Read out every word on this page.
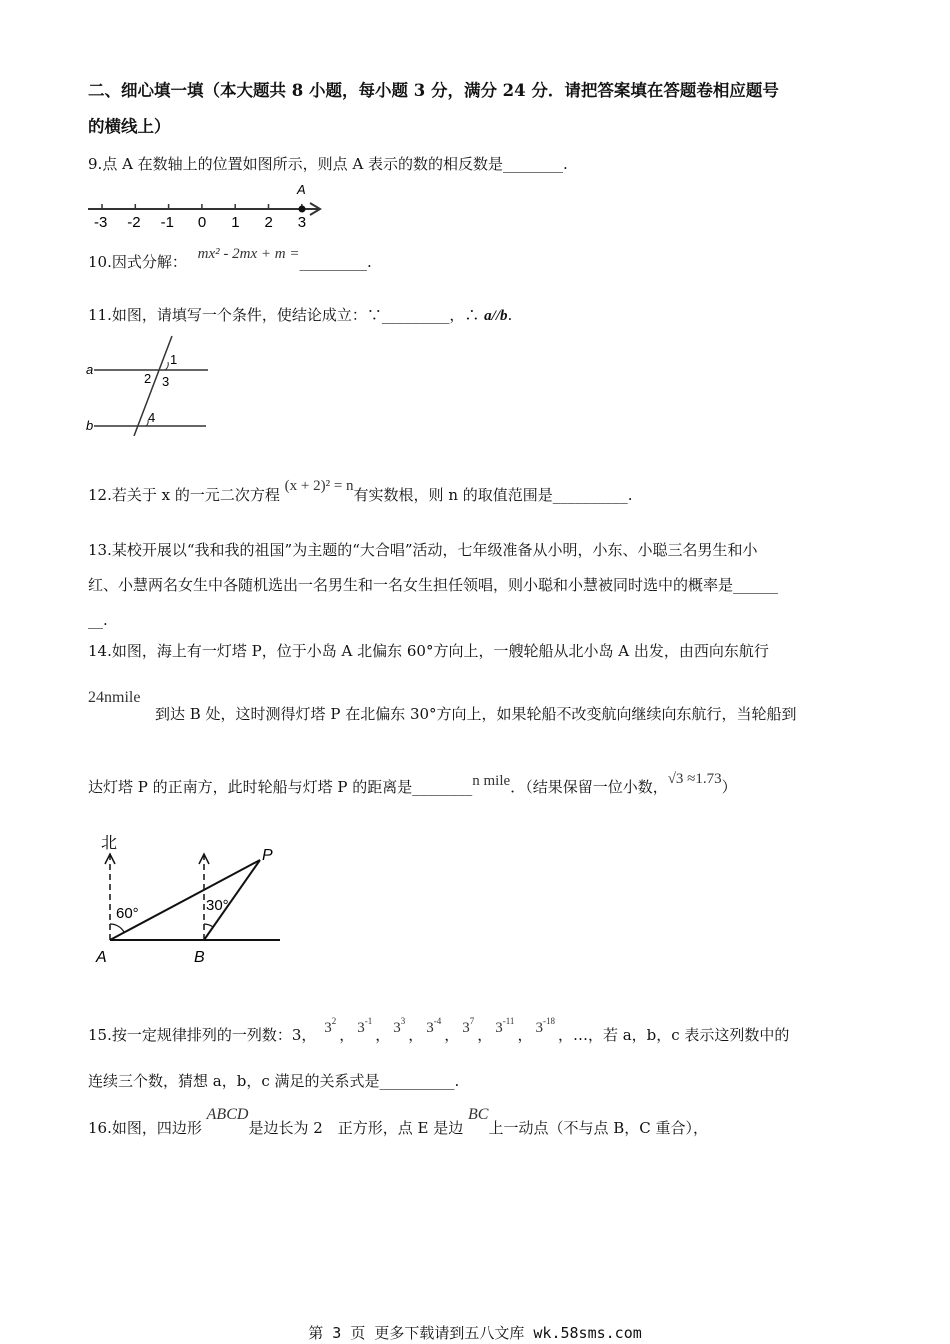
二、细心填一填（本大题共 8 小题，每小题 3 分，满分 24 分．请把答案填在答题卷相应题号
的横线上）
9.点 A 在数轴上的位置如图所示，则点 A 表示的数的相反数是________.
-3 -2 -1 0 1 2 3
A
10.因式分解： mx² - 2mx + m =_________.
11.如图，请填写一个条件，使结论成立：∵_________，∴ a//b.
a
b
1
2 3
4
12.若关于 x 的一元二次方程 (x + 2)² = n有实数根，则 n 的取值范围是__________.
13.某校开展以“我和我的祖国”为主题的“大合唱”活动，七年级准备从小明，小东、小聪三名男生和小
红、小慧两名女生中各随机选出一名男生和一名女生担任领唱，则小聪和小慧被同时选中的概率是______
__.
14.如图，海上有一灯塔 P，位于小岛 A 北偏东 60°方向上，一艘轮船从北小岛 A 出发，由西向东航行
24nmile
到达 B 处，这时测得灯塔 P 在北偏东 30°方向上，如果轮船不改变航向继续向东航行，当轮船到
达灯塔 P 的正南方，此时轮船与灯塔 P 的距离是________n mile．（结果保留一位小数，√3 ≈1.73）
北
60°	30°
A	B
P
15.按一定规律排列的一列数：3， $3^2$， $3^{-1}$， $3^3$， $3^{-4}$， $3^7$， $3^{-11}$， $3^{-18}$，…，若 a，b，c 表示这列数中的
连续三个数，猜想 a，b，c 满足的关系式是__________.
16.如图，四边形 ABCD是边长为 2　正方形，点 E 是边 BC上一动点（不与点 B，C 重合），
第 3 页 更多下载请到五八文库 wk.58sms.com
